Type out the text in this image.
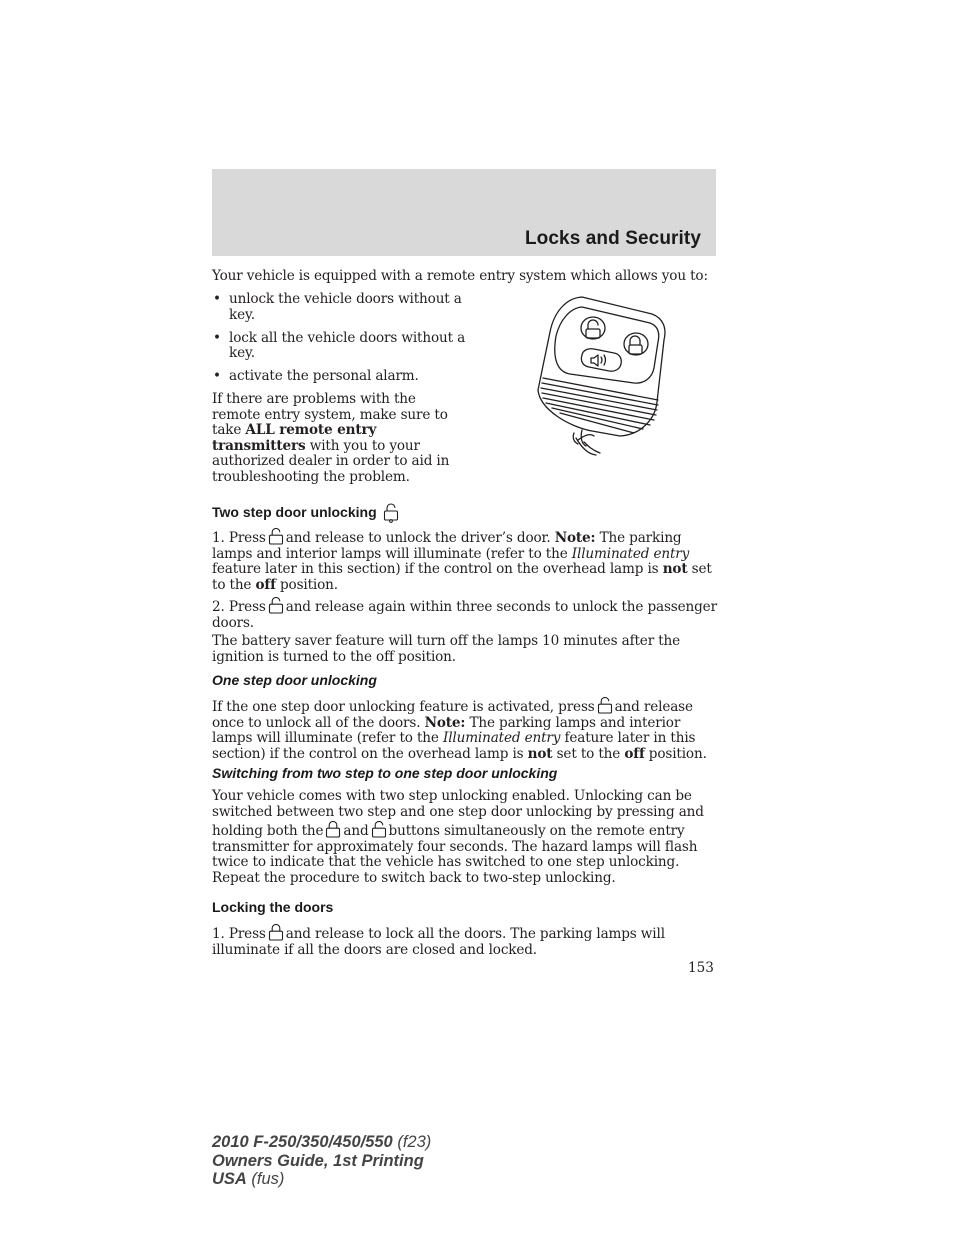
Locks and Security

Your vehicle is equipped with a remote entry system which allows you to:

• unlock the vehicle doors without a key.
• lock all the vehicle doors without a key.
• activate the personal alarm.

If there are problems with the remote entry system, make sure to take ALL remote entry transmitters with you to your authorized dealer in order to aid in troubleshooting the problem.

Two step door unlocking

1. Press and release to unlock the driver’s door. Note: The parking lamps and interior lamps will illuminate (refer to the Illuminated entry feature later in this section) if the control on the overhead lamp is not set to the off position.

2. Press and release again within three seconds to unlock the passenger doors.

The battery saver feature will turn off the lamps 10 minutes after the ignition is turned to the off position.

One step door unlocking

If the one step door unlocking feature is activated, press and release once to unlock all of the doors. Note: The parking lamps and interior lamps will illuminate (refer to the Illuminated entry feature later in this section) if the control on the overhead lamp is not set to the off position.

Switching from two step to one step door unlocking

Your vehicle comes with two step unlocking enabled. Unlocking can be switched between two step and one step door unlocking by pressing and holding both the and buttons simultaneously on the remote entry transmitter for approximately four seconds. The hazard lamps will flash twice to indicate that the vehicle has switched to one step unlocking. Repeat the procedure to switch back to two-step unlocking.

Locking the doors

1. Press and release to lock all the doors. The parking lamps will illuminate if all the doors are closed and locked.

153
2010 F-250/350/450/550 (f23)
Owners Guide, 1st Printing
USA (fus)
